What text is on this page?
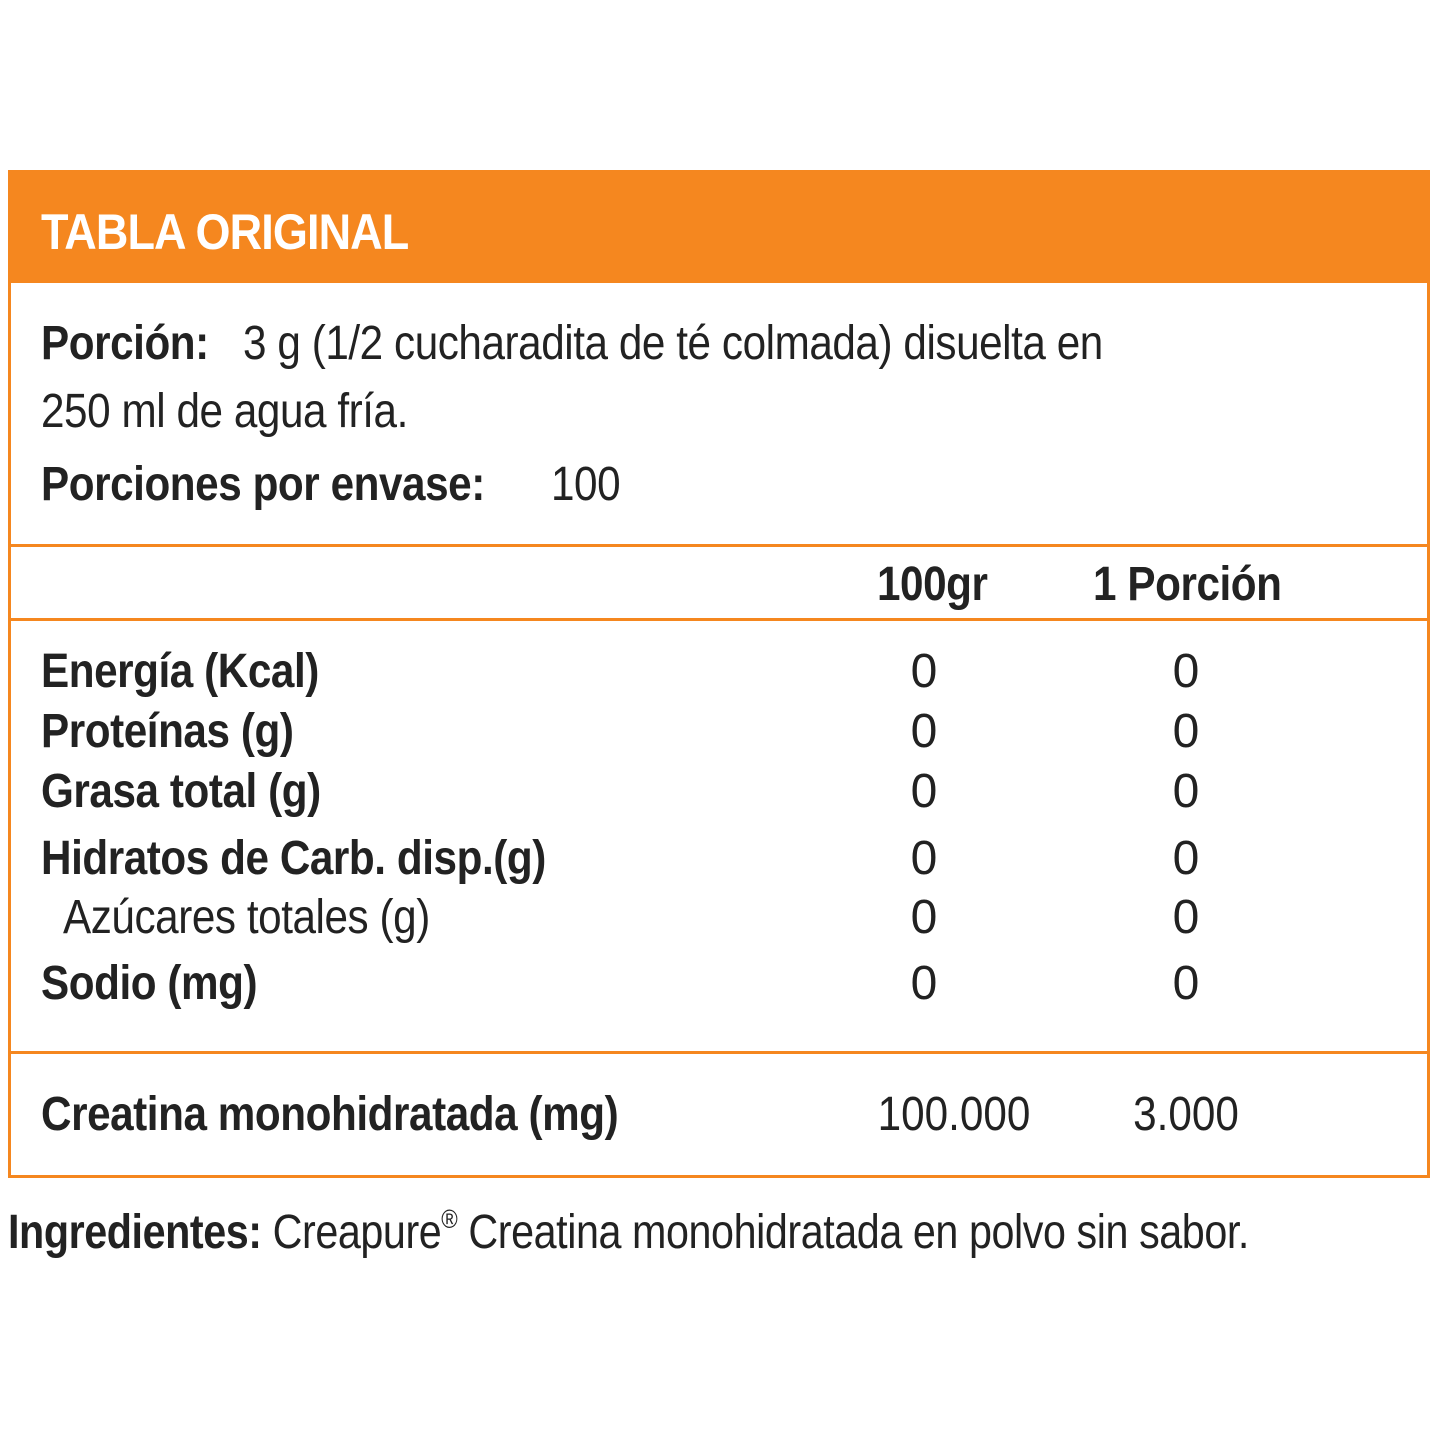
TABLA ORIGINAL
Porción: 3 g (1/2 cucharadita de té colmada) disuelta en
250 ml de agua fría.
Porciones por envase: 100
100gr 1 Porción
Energía (Kcal)	0	0
Proteínas (g)	0	0
Grasa total (g)	0	0
Hidratos de Carb. disp.(g)	0	0
Azúcares totales (g)	0	0
Sodio (mg)	0	0
Creatina monohidratada (mg)	100.000	3.000
Ingredientes: Creapure® Creatina monohidratada en polvo sin sabor.
